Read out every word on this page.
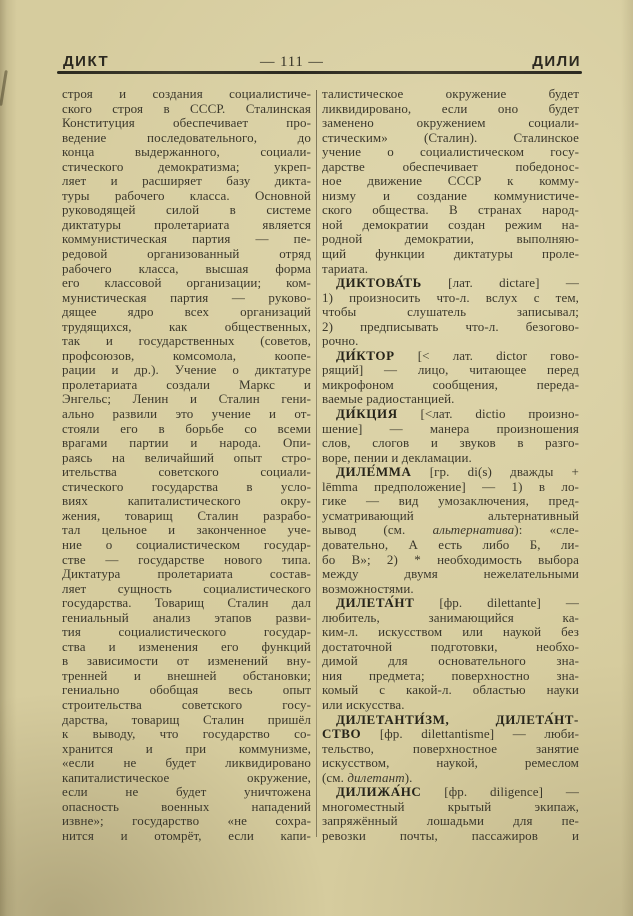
ДИКТ	— 111 —	ДИЛИ
строя и создания социалистиче-
ского строя в СССР. Сталинская
Конституция обеспечивает про-
ведение последовательного, до
конца выдержанного, социали-
стического демократизма; укреп-
ляет и расширяет базу дикта-
туры рабочего класса. Основной
руководящей силой в системе
диктатуры пролетариата является
коммунистическая партия — пе-
редовой организованный отряд
рабочего класса, высшая форма
его классовой организации; ком-
мунистическая партия — руково-
дящее ядро всех организаций
трудящихся, как общественных,
так и государственных (советов,
профсоюзов, комсомола, коопе-
рации и др.). Учение о диктатуре
пролетариата создали Маркс и
Энгельс; Ленин и Сталин гени-
ально развили это учение и от-
стояли его в борьбе со всеми
врагами партии и народа. Опи-
раясь на величайший опыт стро-
ительства советского социали-
стического государства в усло-
виях капиталистического окру-
жения, товарищ Сталин разрабо-
тал цельное и законченное уче-
ние о социалистическом государ-
стве — государстве нового типа.
Диктатура пролетариата состав-
ляет сущность социалистического
государства. Товарищ Сталин дал
гениальный анализ этапов разви-
тия социалистического государ-
ства и изменения его функций
в зависимости от изменений вну-
тренней и внешней обстановки;
гениально обобщая весь опыт
строительства советского госу-
дарства, товарищ Сталин пришёл
к выводу, что государство со-
хранится и при коммунизме,
«если не будет ликвидировано
капиталистическое окружение,
если не будет уничтожена
опасность военных нападений
извне»; государство «не сохра-
нится и отомрёт, если капи-
талистическое окружение будет
ликвидировано, если оно будет
заменено окружением социали-
стическим» (Сталин). Сталинское
учение о социалистическом госу-
дарстве обеспечивает победонос-
ное движение СССР к комму-
низму и создание коммунистиче-
ского общества. В странах народ-
ной демократии создан режим на-
родной демократии, выполняю-
щий функции диктатуры проле-
тариата.
ДИКТОВА́ТЬ [лат. dictare] —
1) произносить что-л. вслух с тем,
чтобы слушатель записывал;
2) предписывать что-л. безогово-
рочно.
ДИ́КТОР [< лат. dictor гово-
рящий] — лицо, читающее перед
микрофоном сообщения, переда-
ваемые радиостанцией.
ДИ́КЦИЯ [<лат. dictio произно-
шение] — манера произношения
слов, слогов и звуков в разго-
воре, пении и декламации.
ДИЛЕ́ММА [гр. di(s) дважды +
lēmma предположение] — 1) в ло-
гике — вид умозаключения, пред-
усматривающий альтернативный
вывод (см. альтернатива): «сле-
довательно, А есть либо Б, ли-
бо В»; 2) * необходимость выбора
между двумя нежелательными
возможностями.
ДИЛЕТА́НТ [фр. dilettante] —
любитель, занимающийся ка-
ким-л. искусством или наукой без
достаточной подготовки, необхо-
димой для основательного зна-
ния предмета; поверхностно зна-
комый с какой-л. областью науки
или искусства.
ДИЛЕТАНТИ́ЗМ, ДИЛЕТА́НТ-
СТВО [фр. dilettantisme] — люби-
тельство, поверхностное занятие
искусством, наукой, ремеслом
(см. дилетант).
ДИЛИЖА́НС [фр. diligence] —
многоместный крытый экипаж,
запряжённый лошадьми для пе-
ревозки почты, пассажиров и
